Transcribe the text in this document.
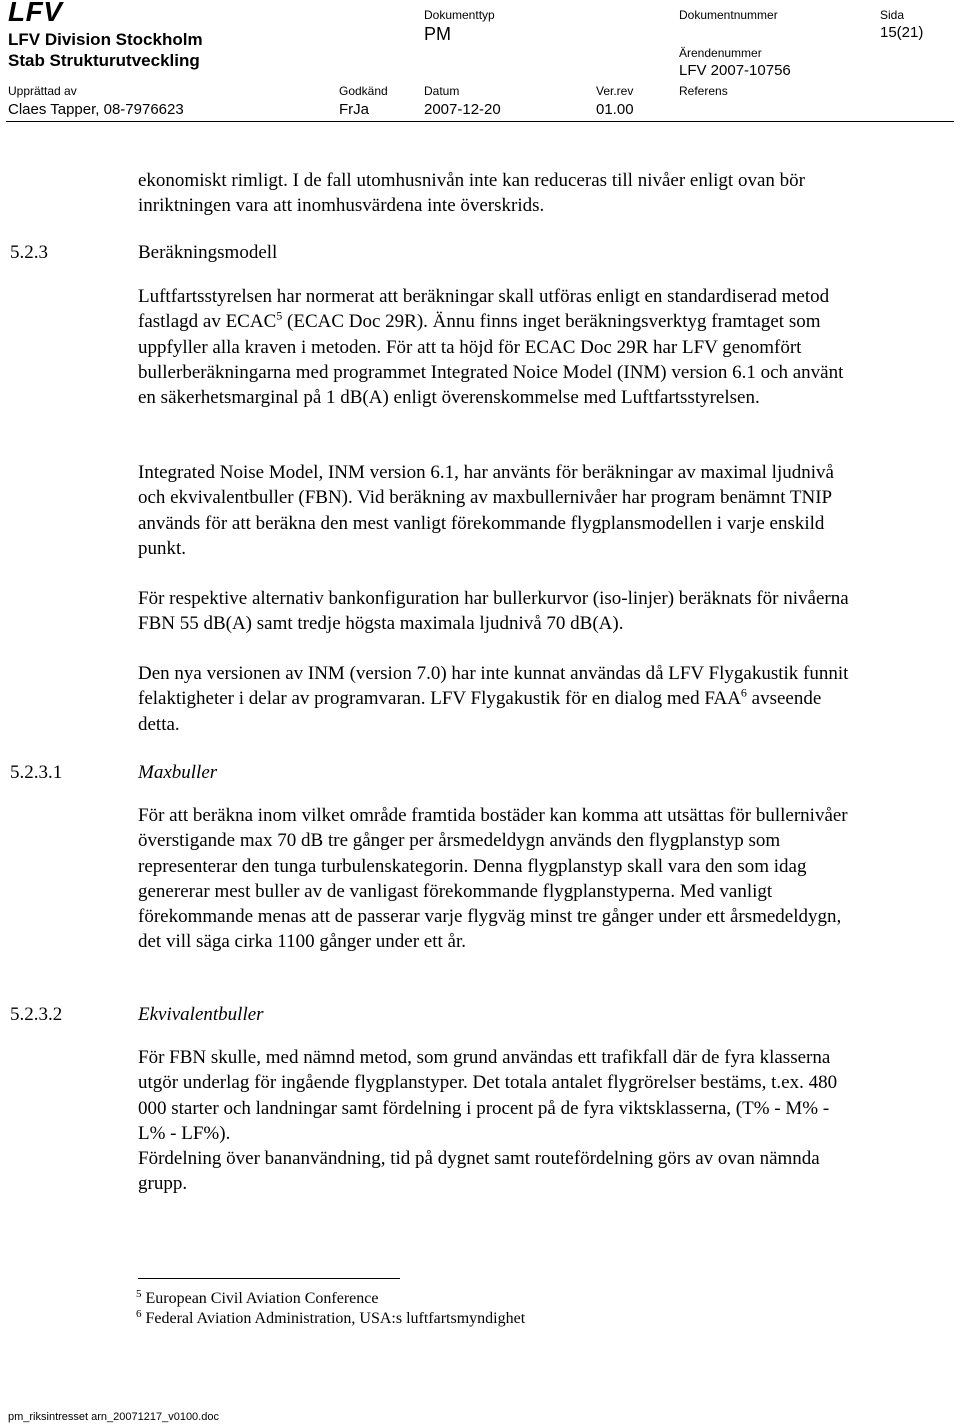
LFV
LFV Division Stockholm
Stab Strukturutveckling
Dokumenttyp
PM
Dokumentnummer	Sida
15(21)
Ärendenummer
LFV 2007-10756
Upprättad av
Claes Tapper, 08-7976623
Godkänd
FrJa
Datum
2007-12-20
Ver.rev
01.00
Referens

ekonomiskt rimligt. I de fall utomhusnivån inte kan reduceras till nivåer enligt ovan bör inriktningen vara att inomhusvärdena inte överskrids.

5.2.3	Beräkningsmodell

Luftfartsstyrelsen har normerat att beräkningar skall utföras enligt en standardiserad metod fastlagd av ECAC$^5$ (ECAC Doc 29R). Ännu finns inget beräkningsverktyg framtaget som uppfyller alla kraven i metoden. För att ta höjd för ECAC Doc 29R har LFV genomfört bullerberäkningarna med programmet Integrated Noice Model (INM) version 6.1 och använt en säkerhetsmarginal på 1 dB(A) enligt överenskommelse med Luftfartsstyrelsen.

Integrated Noise Model, INM version 6.1, har använts för beräkningar av maximal ljudnivå och ekvivalentbuller (FBN). Vid beräkning av maxbullernivåer har program benämnt TNIP används för att beräkna den mest vanligt förekommande flygplansmodellen i varje enskild punkt.

För respektive alternativ bankonfiguration har bullerkurvor (iso-linjer) beräknats för nivåerna FBN 55 dB(A) samt tredje högsta maximala ljudnivå 70 dB(A).

Den nya versionen av INM (version 7.0) har inte kunnat användas då LFV Flygakustik funnit felaktigheter i delar av programvaran. LFV Flygakustik för en dialog med FAA$^6$ avseende detta.

5.2.3.1	Maxbuller

För att beräkna inom vilket område framtida bostäder kan komma att utsättas för bullernivåer överstigande max 70 dB tre gånger per årsmedeldygn används den flygplanstyp som representerar den tunga turbulenskategorin. Denna flygplanstyp skall vara den som idag genererar mest buller av de vanligast förekommande flygplanstyperna. Med vanligt förekommande menas att de passerar varje flygväg minst tre gånger under ett årsmedeldygn, det vill säga cirka 1100 gånger under ett år.

5.2.3.2	Ekvivalentbuller

För FBN skulle, med nämnd metod, som grund användas ett trafikfall där de fyra klasserna utgör underlag för ingående flygplanstyper. Det totala antalet flygrörelser bestäms, t.ex. 480 000 starter och landningar samt fördelning i procent på de fyra viktsklasserna, (T% - M% - L% - LF%).

Fördelning över bananvändning, tid på dygnet samt routefördelning görs av ovan nämnda grupp.

$^5$ European Civil Aviation Conference
$^6$ Federal Aviation Administration, USA:s luftfartsmyndighet
pm_riksintresset arn_20071217_v0100.doc
